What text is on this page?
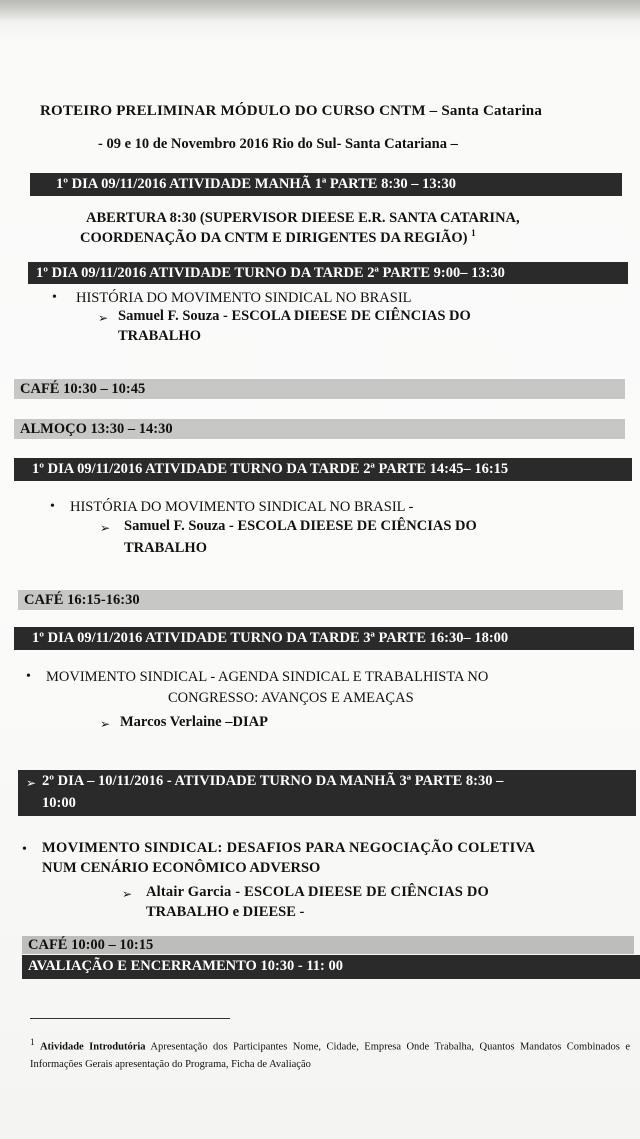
ROTEIRO PRELIMINAR MÓDULO DO CURSO CNTM – Santa Catarina
- 09 e 10 de Novembro 2016 Rio do Sul- Santa Catariana –
1º DIA 09/11/2016 ATIVIDADE MANHÃ 1ª PARTE 8:30 – 13:30
ABERTURA 8:30 (SUPERVISOR DIEESE E.R. SANTA CATARINA,
COORDENAÇÃO DA CNTM E DIRIGENTES DA REGIÃO) $^1$
1º DIA 09/11/2016 ATIVIDADE TURNO DA TARDE 2ª PARTE 9:00– 13:30
• HISTÓRIA DO MOVIMENTO SINDICAL NO BRASIL
➢ Samuel F. Souza - ESCOLA DIEESE DE CIÊNCIAS DO
TRABALHO
CAFÉ 10:30 – 10:45
ALMOÇO 13:30 – 14:30
1º DIA 09/11/2016 ATIVIDADE TURNO DA TARDE 2ª PARTE 14:45– 16:15
• HISTÓRIA DO MOVIMENTO SINDICAL NO BRASIL -
➢ Samuel F. Souza - ESCOLA DIEESE DE CIÊNCIAS DO
TRABALHO
CAFÉ 16:15-16:30
1º DIA 09/11/2016 ATIVIDADE TURNO DA TARDE 3ª PARTE 16:30– 18:00
• MOVIMENTO SINDICAL - AGENDA SINDICAL E TRABALHISTA NO
CONGRESSO: AVANÇOS E AMEAÇAS
➢ Marcos Verlaine –DIAP
➢ 2º DIA – 10/11/2016 - ATIVIDADE TURNO DA MANHÃ 3ª PARTE 8:30 –
10:00
• MOVIMENTO SINDICAL: DESAFIOS PARA NEGOCIAÇÃO COLETIVA
NUM CENÁRIO ECONÔMICO ADVERSO
➢ Altair Garcia - ESCOLA DIEESE DE CIÊNCIAS DO
TRABALHO e DIEESE -
CAFÉ 10:00 – 10:15
AVALIAÇÃO E ENCERRAMENTO 10:30 - 11: 00
1 Atividade Introdutória Apresentação dos Participantes Nome, Cidade, Empresa Onde Trabalha, Quantos Mandatos Combinados e Informações Gerais apresentação do Programa, Ficha de Avaliação
